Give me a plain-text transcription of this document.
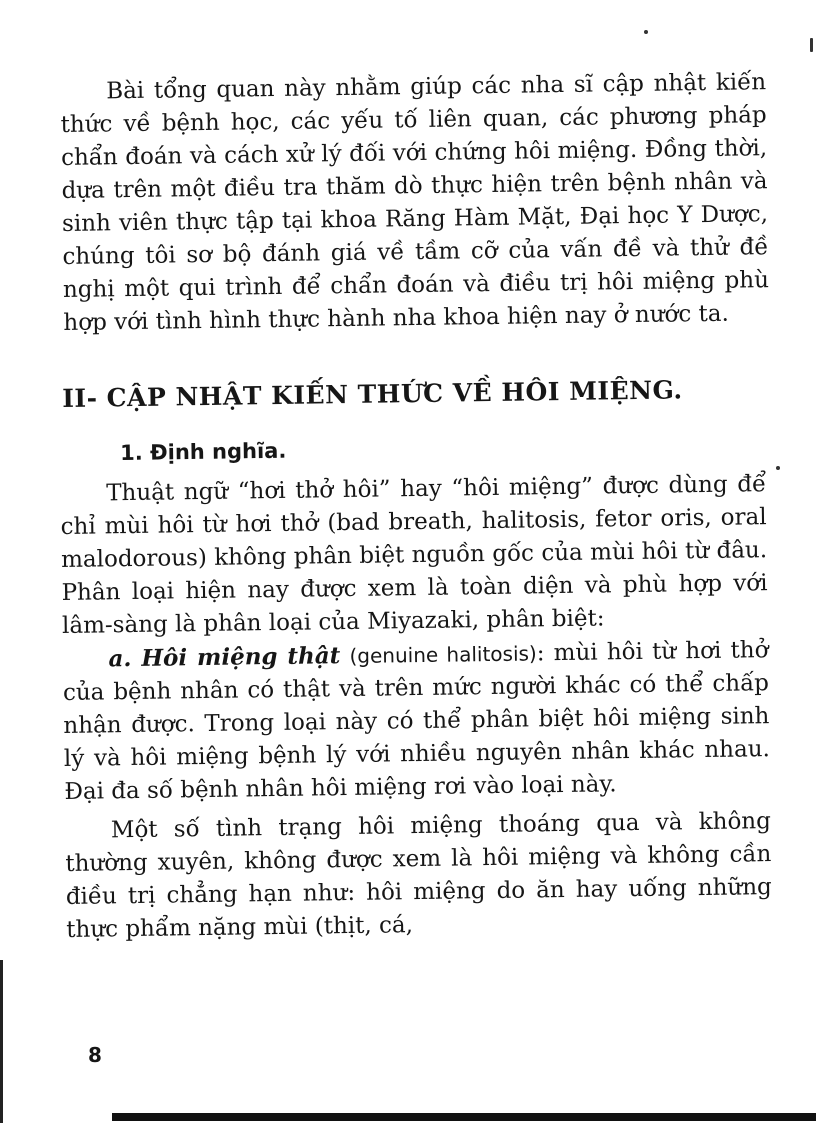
Bài tổng quan này nhằm giúp các nha sĩ cập nhật kiến thức về bệnh học, các yếu tố liên quan, các phương pháp chẩn đoán và cách xử lý đối với chứng hôi miệng. Đồng thời, dựa trên một điều tra thăm dò thực hiện trên bệnh nhân và sinh viên thực tập tại khoa Răng Hàm Mặt, Đại học Y Dược, chúng tôi sơ bộ đánh giá về tầm cỡ của vấn đề và thử đề nghị một qui trình để chẩn đoán và điều trị hôi miệng phù hợp với tình hình thực hành nha khoa hiện nay ở nước ta.

II- CẬP NHẬT KIẾN THỨC VỀ HÔI MIỆNG.
1. Định nghĩa.

Thuật ngữ “hơi thở hôi” hay “hôi miệng” được dùng để chỉ mùi hôi từ hơi thở (bad breath, halitosis, fetor oris, oral malodorous) không phân biệt nguồn gốc của mùi hôi từ đâu. Phân loại hiện nay được xem là toàn diện và phù hợp với lâm-sàng là phân loại của Miyazaki, phân biệt:

a. Hôi miệng thật (genuine halitosis): mùi hôi từ hơi thở của bệnh nhân có thật và trên mức người khác có thể chấp nhận được. Trong loại này có thể phân biệt hôi miệng sinh lý và hôi miệng bệnh lý với nhiều nguyên nhân khác nhau. Đại đa số bệnh nhân hôi miệng rơi vào loại này.

Một số tình trạng hôi miệng thoáng qua và không thường xuyên, không được xem là hôi miệng và không cần điều trị chẳng hạn như: hôi miệng do ăn hay uống những thực phẩm nặng mùi (thịt, cá,

8
